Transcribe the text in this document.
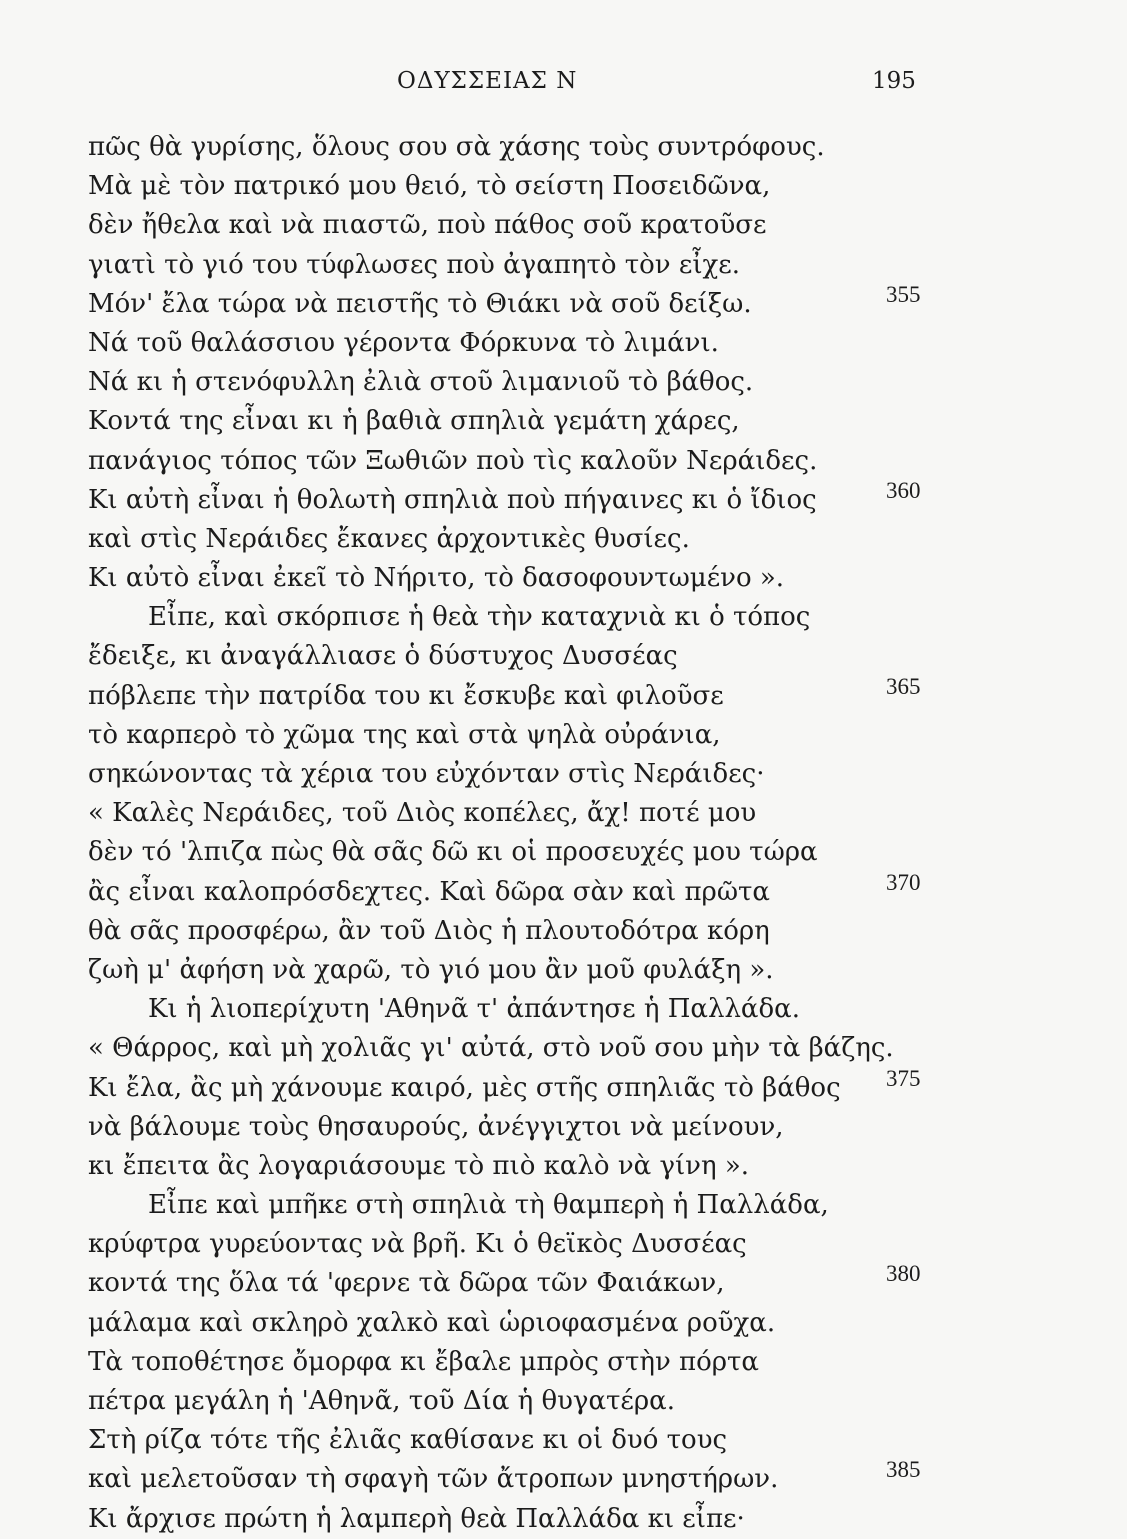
ΟΔΥΣΣΕΙΑΣ Ν	195
πῶς θὰ γυρίσης, ὅλους σου σὰ χάσης τοὺς συντρόφους.
Μὰ μὲ τὸν πατρικό μου θειό, τὸ σείστη Ποσειδῶνα,
δὲν ἤθελα καὶ νὰ πιαστῶ, ποὺ πάθος σοῦ κρατοῦσε
γιατὶ τὸ γιό του τύφλωσες ποὺ ἀγαπητὸ τὸν εἶχε.
Μόν' ἔλα τώρα νὰ πειστῆς τὸ Θιάκι νὰ σοῦ δείξω.	355
Νά τοῦ θαλάσσιου γέροντα Φόρκυνα τὸ λιμάνι.
Νά κι ἡ στενόφυλλη ἐλιὰ στοῦ λιμανιοῦ τὸ βάθος.
Κοντά της εἶναι κι ἡ βαθιὰ σπηλιὰ γεμάτη χάρες,
πανάγιος τόπος τῶν Ξωθιῶν ποὺ τὶς καλοῦν Νεράιδες.
Κι αὐτὴ εἶναι ἡ θολωτὴ σπηλιὰ ποὺ πήγαινες κι ὁ ἴδιος	360
καὶ στὶς Νεράιδες ἔκανες ἀρχοντικὲς θυσίες.
Κι αὐτὸ εἶναι ἐκεῖ τὸ Νήριτο, τὸ δασοφουντωμένο ».
Εἶπε, καὶ σκόρπισε ἡ θεὰ τὴν καταχνιὰ κι ὁ τόπος
ἔδειξε, κι ἀναγάλλιασε ὁ δύστυχος Δυσσέας
πόβλεπε τὴν πατρίδα του κι ἔσκυβε καὶ φιλοῦσε	365
τὸ καρπερὸ τὸ χῶμα της καὶ στὰ ψηλὰ οὐράνια,
σηκώνοντας τὰ χέρια του εὐχόνταν στὶς Νεράιδες·
« Καλὲς Νεράιδες, τοῦ Διὸς κοπέλες, ἄχ! ποτέ μου
δὲν τό 'λπιζα πὼς θὰ σᾶς δῶ κι οἱ προσευχές μου τώρα
ἂς εἶναι καλοπρόσδεχτες. Καὶ δῶρα σὰν καὶ πρῶτα	370
θὰ σᾶς προσφέρω, ἂν τοῦ Διὸς ἡ πλουτοδότρα κόρη
ζωὴ μ' ἀφήση νὰ χαρῶ, τὸ γιό μου ἂν μοῦ φυλάξη ».
Κι ἡ λιοπερίχυτη 'Αθηνᾶ τ' ἀπάντησε ἡ Παλλάδα.
« Θάρρος, καὶ μὴ χολιᾶς γι' αὐτά, στὸ νοῦ σου μὴν τὰ βάζης.
Κι ἔλα, ἂς μὴ χάνουμε καιρό, μὲς στῆς σπηλιᾶς τὸ βάθος 375
νὰ βάλουμε τοὺς θησαυρούς, ἀνέγγιχτοι νὰ μείνουν,
κι ἔπειτα ἂς λογαριάσουμε τὸ πιὸ καλὸ νὰ γίνη ».
Εἶπε καὶ μπῆκε στὴ σπηλιὰ τὴ θαμπερὴ ἡ Παλλάδα,
κρύφτρα γυρεύοντας νὰ βρῆ. Κι ὁ θεϊκὸς Δυσσέας
κοντά της ὅλα τά 'φερνε τὰ δῶρα τῶν Φαιάκων,	380
μάλαμα καὶ σκληρὸ χαλκὸ καὶ ὡριοφασμένα ροῦχα.
Τὰ τοποθέτησε ὄμορφα κι ἔβαλε μπρὸς στὴν πόρτα
πέτρα μεγάλη ἡ 'Αθηνᾶ, τοῦ Δία ἡ θυγατέρα.
Στὴ ρίζα τότε τῆς ἐλιᾶς καθίσανε κι οἱ δυό τους
καὶ μελετοῦσαν τὴ σφαγὴ τῶν ἄτροπων μνηστήρων.	385
Κι ἄρχισε πρώτη ἡ λαμπερὴ θεὰ Παλλάδα κι εἶπε·
